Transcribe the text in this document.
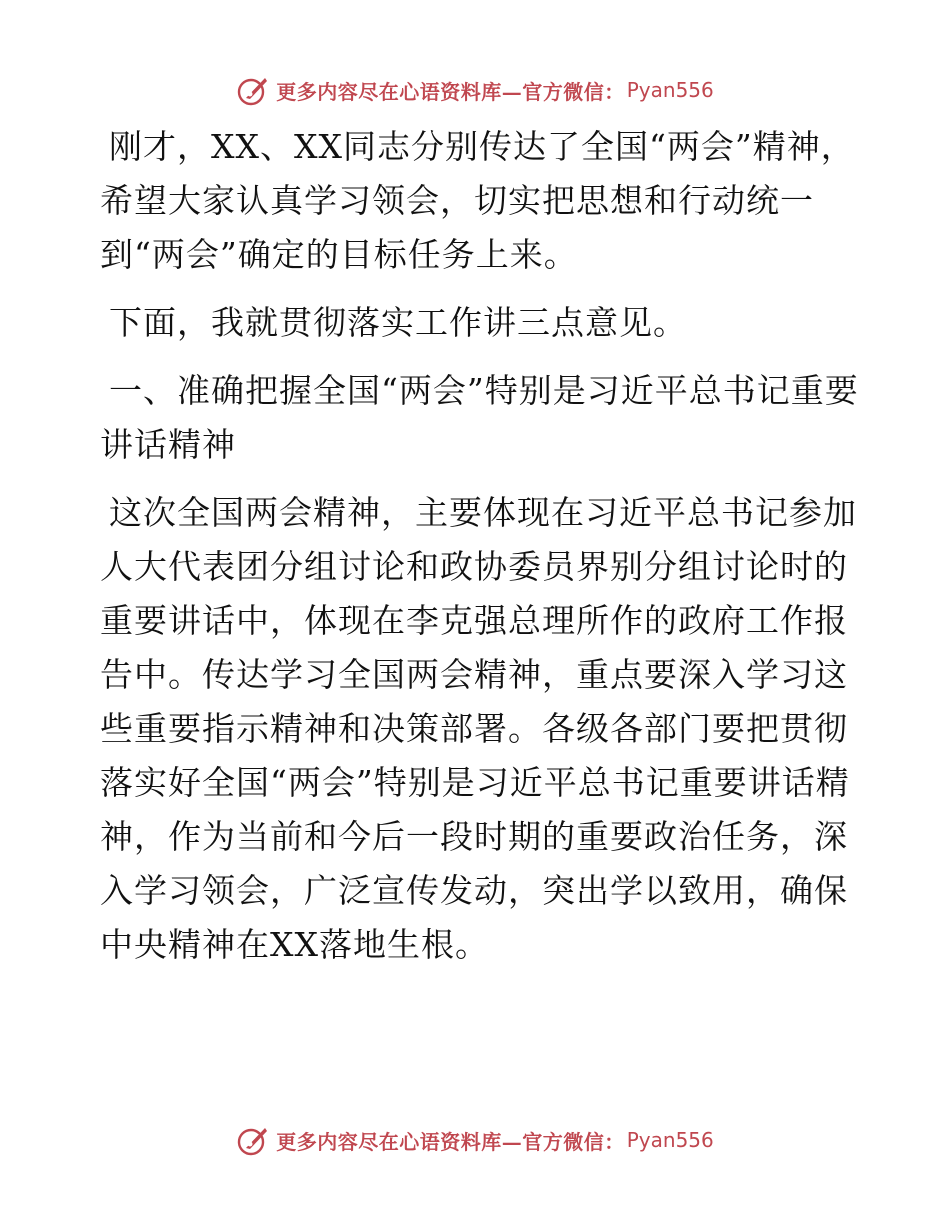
更多内容尽在心语资料库— 官方微信： Pyan556

刚才，XX、XX同志分别传达了全国“两会”精神，希望大家认真学习领会，切实把思想和行动统一到“两会”确定的目标任务上来。

下面，我就贯彻落实工作讲三点意见。

一、准确把握全国“两会”特别是习近平总书记重要讲话精神

这次全国两会精神，主要体现在习近平总书记参加人大代表团分组讨论和政协委员界别分组讨论时的重要讲话中，体现在李克强总理所作的政府工作报告中。传达学习全国两会精神，重点要深入学习这些重要指示精神和决策部署。各级各部门要把贯彻落实好全国“两会”特别是习近平总书记重要讲话精神，作为当前和今后一段时期的重要政治任务，深入学习领会，广泛宣传发动，突出学以致用，确保中央精神在XX落地生根。

更多内容尽在心语资料库— 官方微信： Pyan556
